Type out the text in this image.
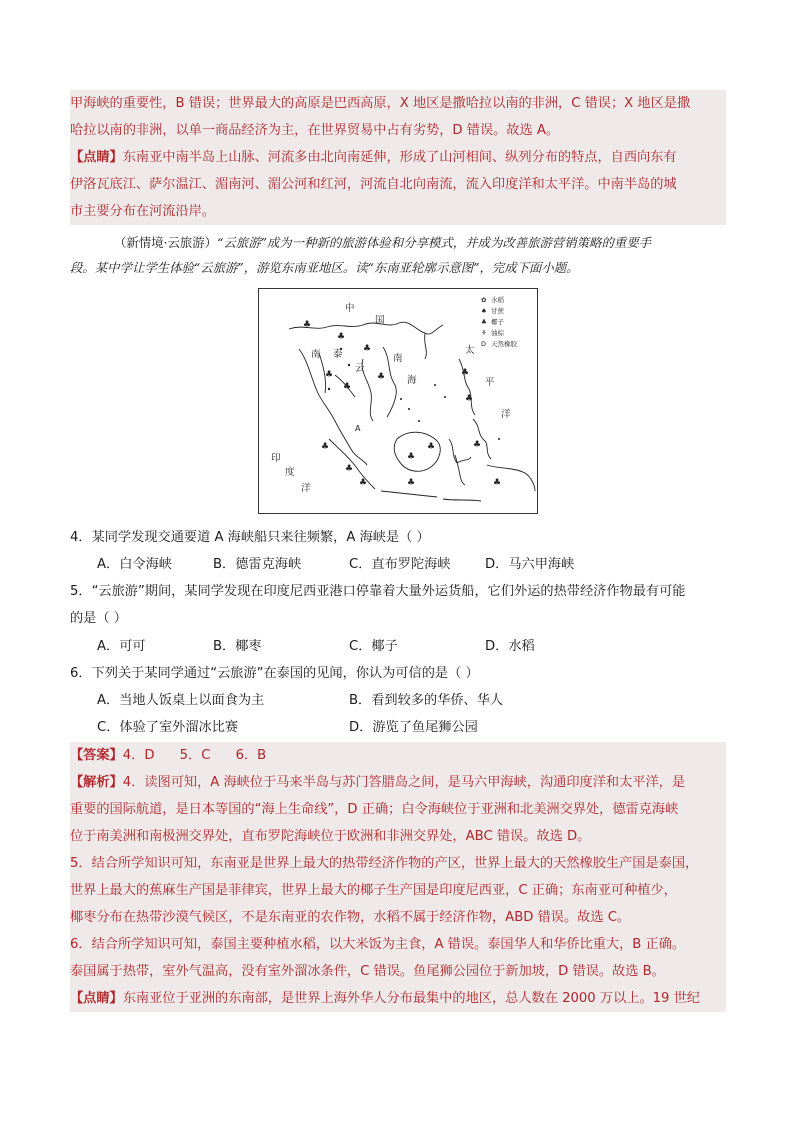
甲海峡的重要性，B 错误；世界最大的高原是巴西高原，X 地区是撒哈拉以南的非洲，C 错误；X 地区是撒
哈拉以南的非洲，以单一商品经济为主，在世界贸易中占有劣势，D 错误。故选 A。
【点睛】东南亚中南半岛上山脉、河流多由北向南延伸，形成了山河相间、纵列分布的特点，自西向东有
伊洛瓦底江、萨尔温江、湄南河、湄公河和红河，河流自北向南流，流入印度洋和太平洋。中南半岛的城
市主要分布在河流沿岸。
（新情境·云旅游）“云旅游”成为一种新的旅游体验和分享模式，并成为改善旅游营销策略的重要手
段。某中学让学生体验“云旅游”，游览东南亚地区。读“东南亚轮廓示意图”，完成下面小题。
♣
♣
♣
♣
♣
♣	♣
♣
♣
♣
♣
♣
♣	♣
♣
♣
中
国
南 泰
云
南
海
太
平
洋
印
度
洋
A
✿ 水稻
♠ 甘蔗
♣ 椰子
⚘ 油棕
D 天然橡胶
4．某同学发现交通要道 A 海峡船只来往频繁，A 海峡是（ ）
A．白令海峡	B．德雷克海峡	C．直布罗陀海峡	D．马六甲海峡
5．“云旅游”期间，某同学发现在印度尼西亚港口停靠着大量外运货船，它们外运的热带经济作物最有可能
的是（ ）
A．可可	B．椰枣	C．椰子	D．水稻
6．下列关于某同学通过“云旅游”在泰国的见闻，你认为可信的是（ ）
A．当地人饭桌上以面食为主	B．看到较多的华侨、华人
C．体验了室外溜冰比赛	D．游览了鱼尾狮公园
【答案】4．D      5．C      6．B
【解析】4．读图可知，A 海峡位于马来半岛与苏门答腊岛之间，是马六甲海峡，沟通印度洋和太平洋，是
重要的国际航道，是日本等国的“海上生命线”，D 正确；白令海峡位于亚洲和北美洲交界处，德雷克海峡
位于南美洲和南极洲交界处，直布罗陀海峡位于欧洲和非洲交界处，ABC 错误。故选 D。
5．结合所学知识可知，东南亚是世界上最大的热带经济作物的产区，世界上最大的天然橡胶生产国是泰国，
世界上最大的蕉麻生产国是菲律宾，世界上最大的椰子生产国是印度尼西亚，C 正确；东南亚可种植少，
椰枣分布在热带沙漠气候区，不是东南亚的农作物，水稻不属于经济作物，ABD 错误。故选 C。
6．结合所学知识可知，泰国主要种植水稻，以大米饭为主食，A 错误。泰国华人和华侨比重大，B 正确。
泰国属于热带，室外气温高，没有室外溜冰条件，C 错误。鱼尾狮公园位于新加坡，D 错误。故选 B。
【点睛】东南亚位于亚洲的东南部，是世界上海外华人分布最集中的地区，总人数在 2000 万以上。19 世纪
